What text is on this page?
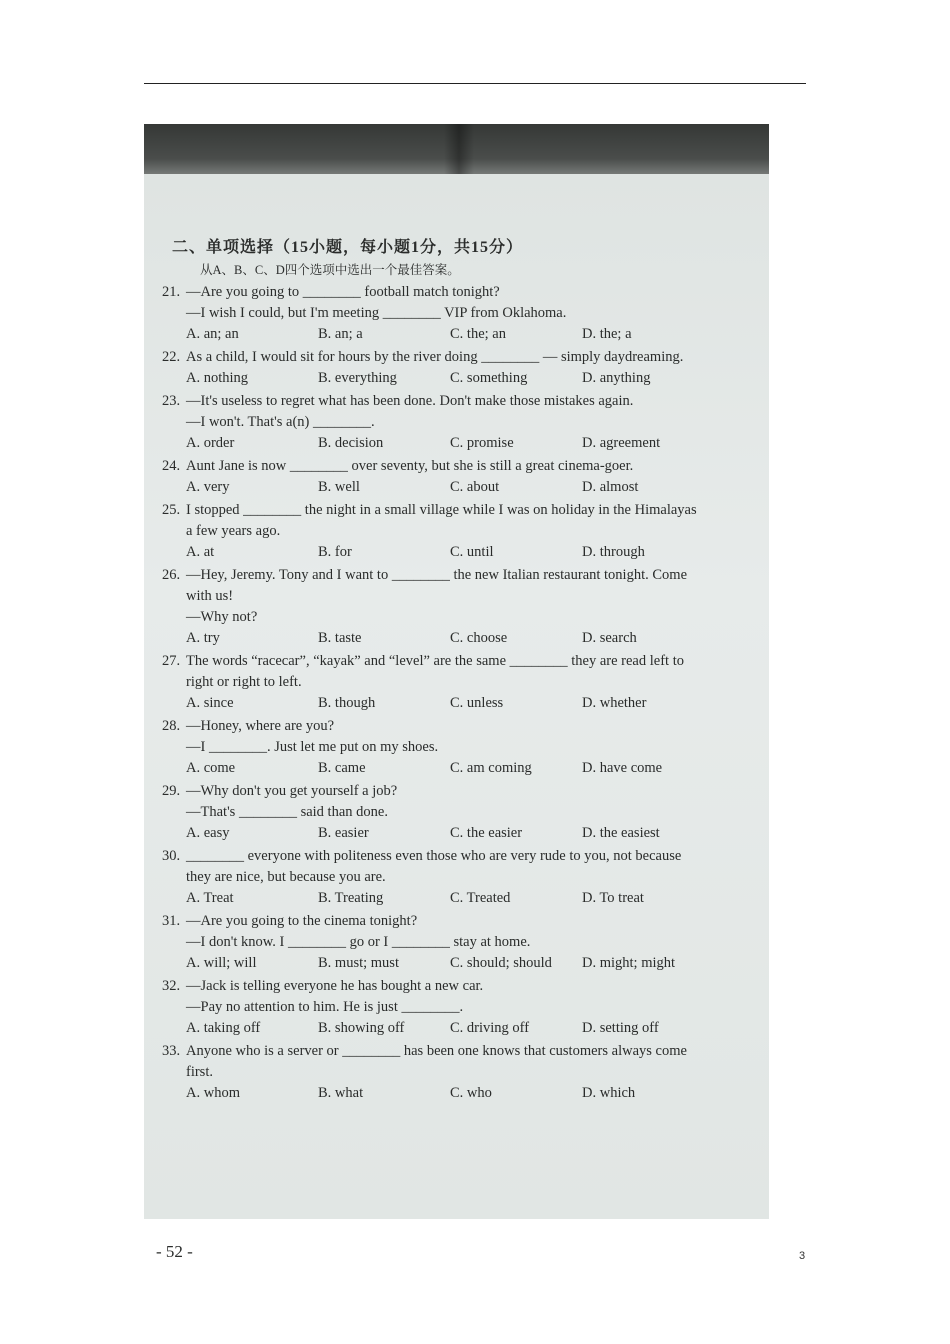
二、单项选择（15小题，每小题1分，共15分）
从A、B、C、D四个选项中选出一个最佳答案。
21. —Are you going to ________ football match tonight?
—I wish I could, but I'm meeting ________ VIP from Oklahoma.
A. an; an	B. an; a	C. the; an	D. the; a
22. As a child, I would sit for hours by the river doing ________ — simply daydreaming.
A. nothing	B. everything	C. something	D. anything
23. —It's useless to regret what has been done. Don't make those mistakes again.
—I won't. That's a(n) ________.
A. order	B. decision	C. promise	D. agreement
24. Aunt Jane is now ________ over seventy, but she is still a great cinema-goer.
A. very	B. well	C. about	D. almost
25. I stopped ________ the night in a small village while I was on holiday in the Himalayas
a few years ago.
A. at	B. for	C. until	D. through
26. —Hey, Jeremy. Tony and I want to ________ the new Italian restaurant tonight. Come
with us!
—Why not?
A. try	B. taste	C. choose	D. search
27. The words “racecar”, “kayak” and “level” are the same ________ they are read left to
right or right to left.
A. since	B. though	C. unless	D. whether
28. —Honey, where are you?
—I ________. Just let me put on my shoes.
A. come	B. came	C. am coming	D. have come
29. —Why don't you get yourself a job?
—That's ________ said than done.
A. easy	B. easier	C. the easier	D. the easiest
30. ________ everyone with politeness even those who are very rude to you, not because
they are nice, but because you are.
A. Treat	B. Treating	C. Treated	D. To treat
31. —Are you going to the cinema tonight?
—I don't know. I ________ go or I ________ stay at home.
A. will; will	B. must; must	C. should; should	D. might; might
32. —Jack is telling everyone he has bought a new car.
—Pay no attention to him. He is just ________.
A. taking off	B. showing off	C. driving off	D. setting off
33. Anyone who is a server or ________ has been one knows that customers always come
first.
A. whom	B. what	C. who	D. which
- 52 -	3
